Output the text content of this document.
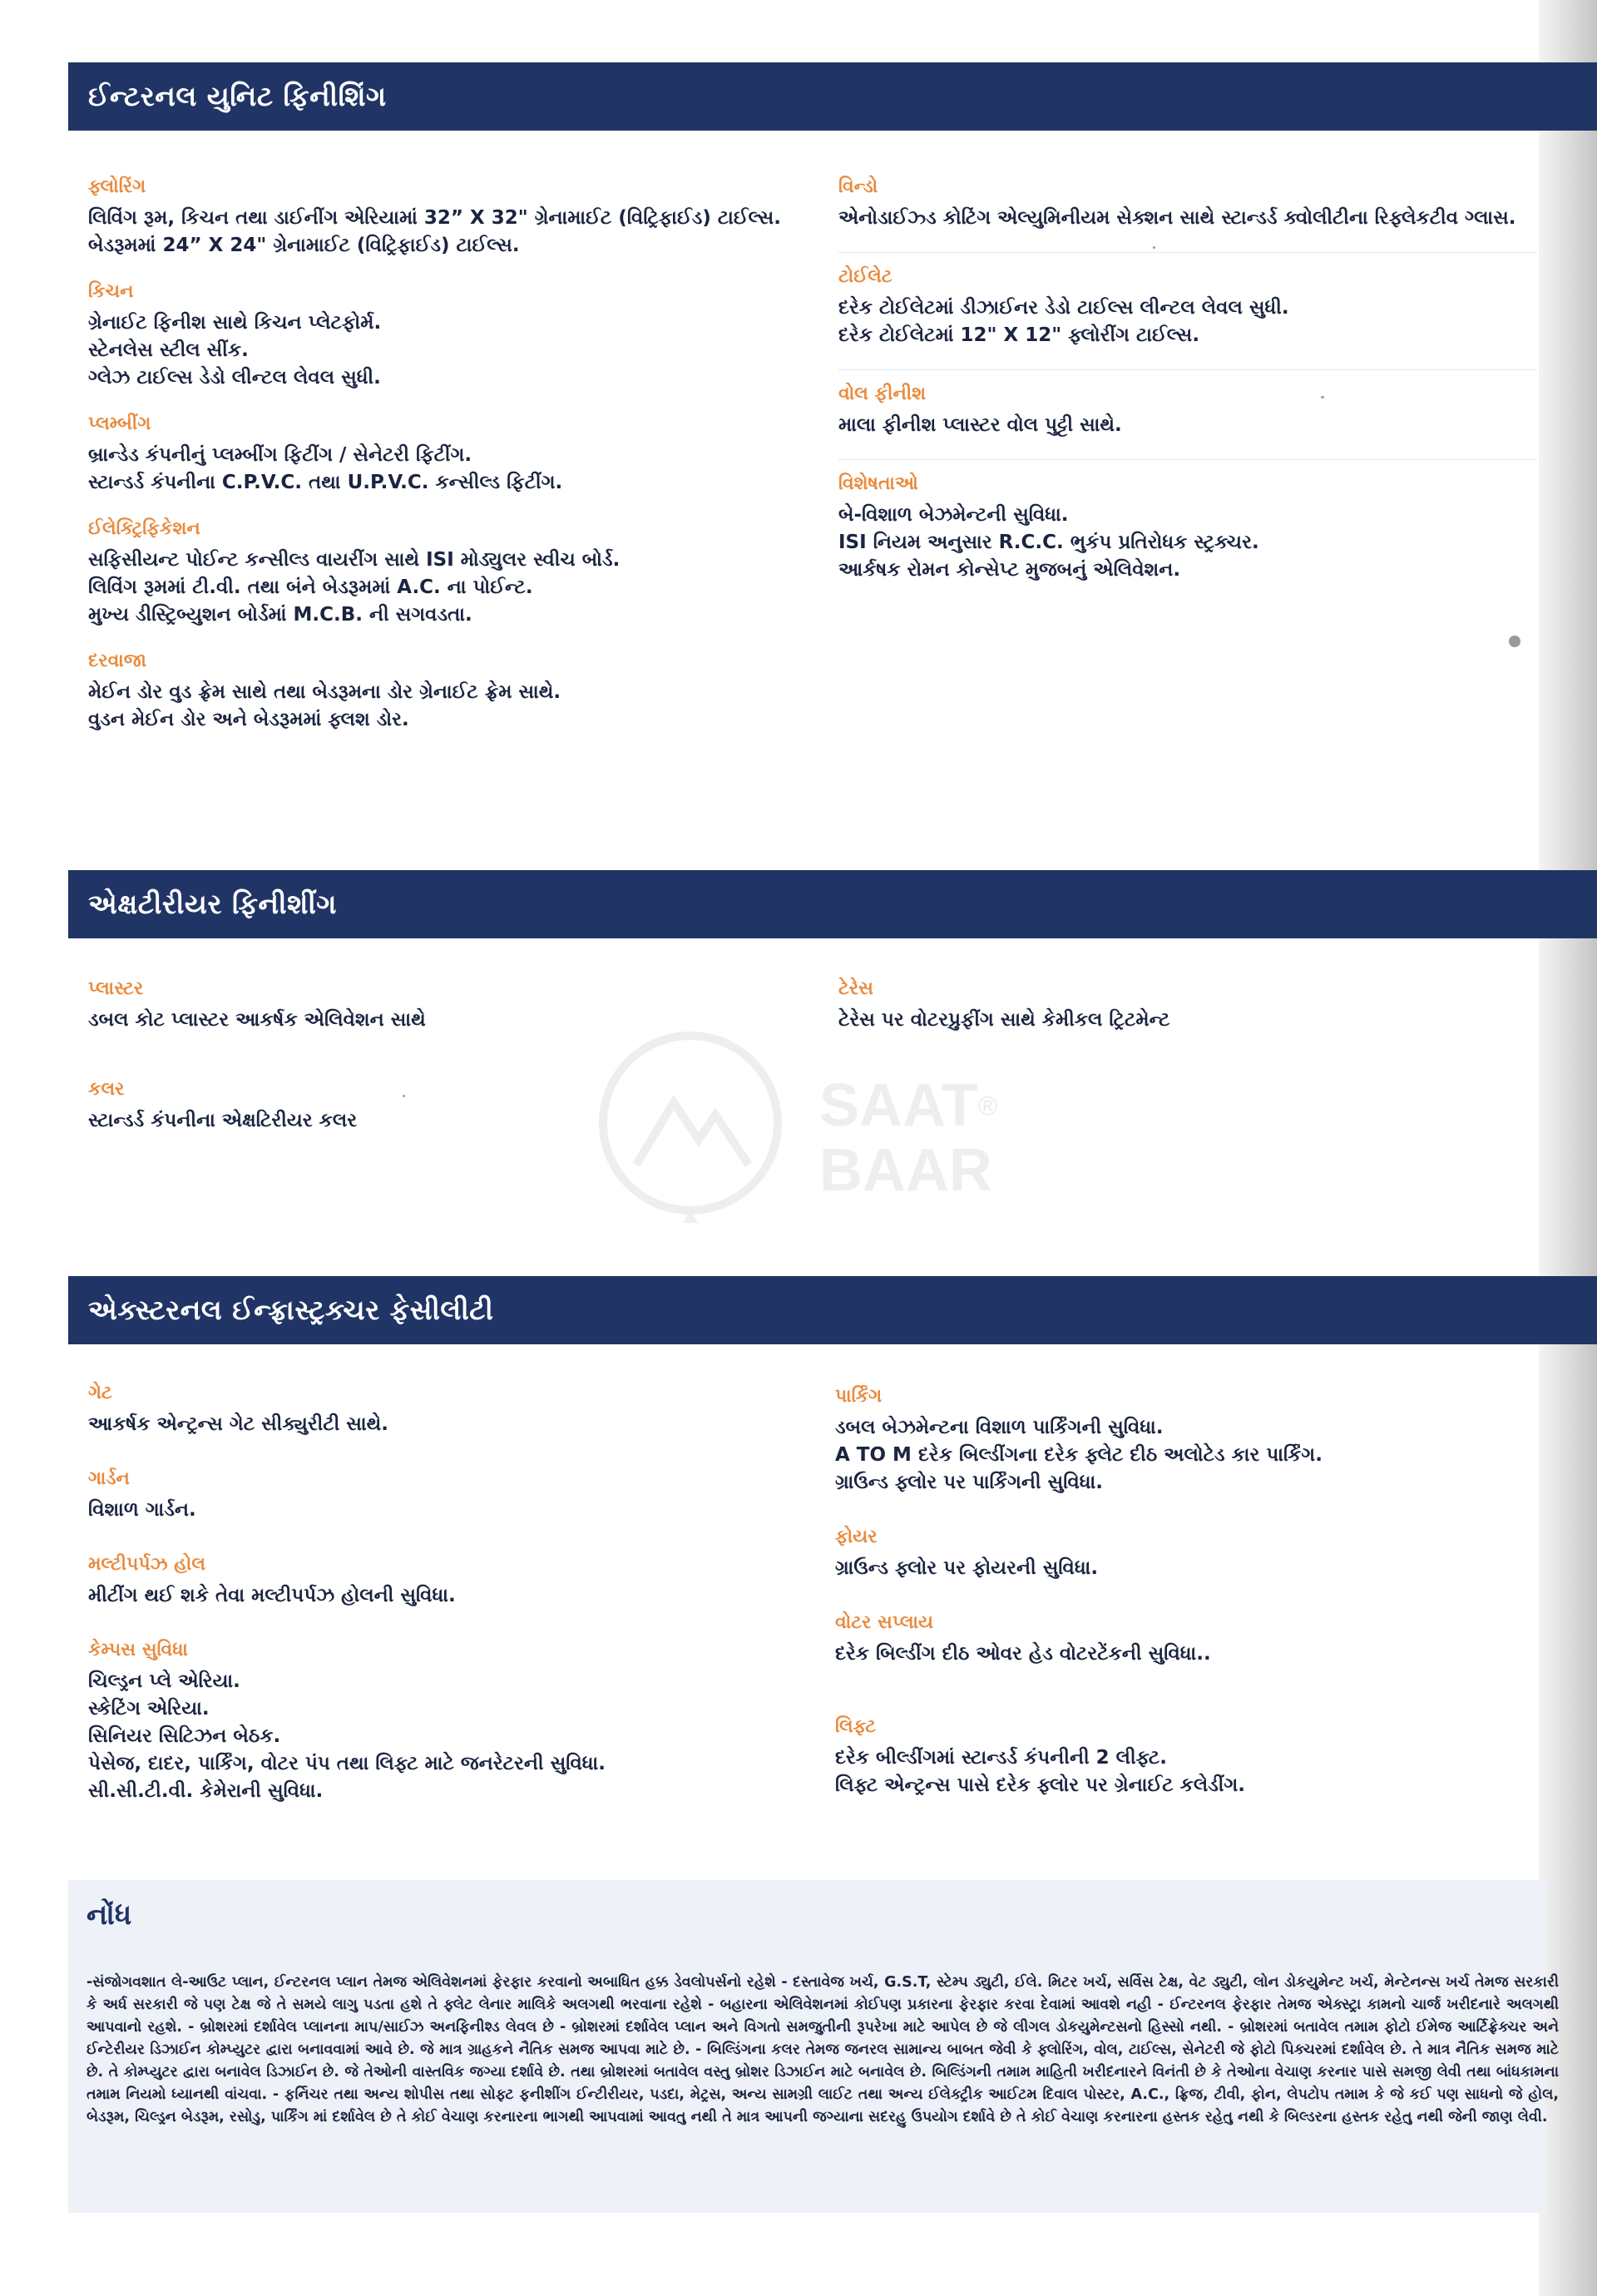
ઈન્ટરનલ યુનિટ ફિનીશિંગ
ફ્લોરિંગ
લિવિંગ રૂમ, કિચન તથા ડાઈનીંગ એરિયામાં 32” X 32" ગ્રેનામાઈટ (વિટ્રિફાઈડ) ટાઈલ્સ.
બેડરૂમમાં 24” X 24" ગ્રેનામાઈટ (વિટ્રિફાઈડ) ટાઈલ્સ.
કિચન
ગ્રેનાઈટ ફિનીશ સાથે કિચન પ્લેટફોર્મ.
સ્ટેનલેસ સ્ટીલ સીંક.
ગ્લેઝ ટાઈલ્સ ડેડો લીન્ટલ લેવલ સુધી.
પ્લમ્બીંગ
બ્રાન્ડેડ કંપનીનું પ્લમ્બીંગ ફિટીંગ / સેનેટરી ફિટીંગ.
સ્ટાન્ડર્ડ કંપનીના C.P.V.C. તથા U.P.V.C. કન્સીલ્ડ ફિટીંગ.
ઈલેક્ટ્રિફિકેશન
સફિસીયન્ટ પોઈન્ટ કન્સીલ્ડ વાયરીંગ સાથે ISI મોડ્યુલર સ્વીચ બોર્ડ.
લિવિંગ રૂમમાં ટી.વી. તથા બંને બેડરૂમમાં A.C. ના પોઈન્ટ.
મુખ્ય ડીસ્ટ્રિબ્યુશન બોર્ડમાં M.C.B. ની સગવડતા.
દરવાજા
મેઈન ડોર વુડ ફ્રેમ સાથે તથા બેડરૂમના ડોર ગ્રેનાઈટ ફ્રેમ સાથે.
વુડન મેઈન ડોર અને બેડરૂમમાં ફ્લશ ડોર.
વિન્ડો
એનોડાઈઝ્ડ કોટિંગ એલ્યુમિનીયમ સેક્શન સાથે સ્ટાન્ડર્ડ ક્વોલીટીના રિફ્લેકટીવ ગ્લાસ.
ટોઈલેટ
દરેક ટોઈલેટમાં ડીઝાઈનર ડેડો ટાઈલ્સ લીન્ટલ લેવલ સુધી.
દરેક ટોઈલેટમાં 12" X 12" ફ્લોરીંગ ટાઈલ્સ.
વોલ ફીનીશ
માલા ફીનીશ પ્લાસ્ટર વોલ પુટ્ટી સાથે.
વિશેષતાઓ
બે-વિશાળ બેઝમેન્ટની સુવિધા.
ISI નિયમ અનુસાર R.C.C. ભુકંપ પ્રતિરોધક સ્ટ્રક્ચર.
આર્કષક રોમન કોન્સેપ્ટ મુજબનું એલિવેશન.
એક્ષટીરીયર ફિનીશીંગ
પ્લાસ્ટર
ડબલ કોટ પ્લાસ્ટર આકર્ષક એલિવેશન સાથે
કલર
સ્ટાન્ડર્ડ કંપનીના એક્ષટિરીયર કલર
ટેરેસ
ટેરેસ પર વોટરપ્રુફીંગ સાથે કેમીકલ ટ્રિટમેન્ટ
SAAT®
BAAR
એક્સ્ટરનલ ઈન્ફ્રાસ્ટ્રક્ચર ફેસીલીટી
ગેટ
આકર્ષક એન્ટ્રન્સ ગેટ સીક્યુરીટી સાથે.
ગાર્ડન
વિશાળ ગાર્ડન.
મલ્ટીપર્પઝ હોલ
મીટીંગ થઈ શકે તેવા મલ્ટીપર્પઝ હોલની સુવિધા.
કેમ્પસ સુવિધા
ચિલ્ડ્રન પ્લે એરિયા.
સ્કેટિંગ એરિયા.
સિનિયર સિટિઝન બેઠક.
પેસેજ, દાદર, પાર્કિંગ, વોટર પંપ તથા લિફ્ટ માટે જનરેટરની સુવિધા.
સી.સી.ટી.વી. કેમેરાની સુવિધા.
પાર્કિંગ
ડબલ બેઝમેન્ટના વિશાળ પાર્કિંગની સુવિધા.
A TO M દરેક બિલ્ડીંગના દરેક ફ્લેટ દીઠ અલોટેડ કાર પાર્કિંગ.
ગ્રાઉન્ડ ફ્લોર પર પાર્કિંગની સુવિધા.
ફોયર
ગ્રાઉન્ડ ફ્લોર પર ફોયરની સુવિધા.
વોટર સપ્લાય
દરેક બિલ્ડીંગ દીઠ ઓવર હેડ વોટરટેંકની સુવિધા..
લિફ્ટ
દરેક બીલ્ડીંગમાં સ્ટાન્ડર્ડ કંપનીની 2 લીફ્ટ.
લિફ્ટ એન્ટ્રન્સ પાસે દરેક ફ્લોર પર ગ્રેનાઈટ કલેડીંગ.
નોંધ
-સંજોગવશાત લે-આઉટ પ્લાન, ઈન્ટરનલ પ્લાન તેમજ એલિવેશનમાં ફેરફાર કરવાનો અબાધિત હક્ક ડેવલોપર્સનો રહેશે - દસ્તાવેજ ખર્ચ, G.S.T, સ્ટેમ્પ ડ્યુટી, ઈલે. મિટર ખર્ચ, સર્વિસ ટેક્ષ, વેટ ડ્યુટી, લોન ડોકયુમેન્ટ ખર્ચ, મેન્ટેનન્સ ખર્ચ તેમજ સરકારી કે અર્ધ સરકારી જે પણ ટેક્ષ જે તે સમયે લાગુ પડતા હશે તે ફ્લેટ લેનાર માલિકે અલગથી ભરવાના રહેશે - બહારના એલિવેશનમાં કોઈપણ પ્રકારના ફેરફાર કરવા દેવામાં આવશે નહી - ઈન્ટરનલ ફેરફાર તેમજ એક્સ્ટ્રા કામનો ચાર્જ ખરીદનારે અલગથી આપવાનો રહશે. - બ્રોશરમાં દર્શાવેલ પ્લાનના માપ/સાઈઝ અનફિનીશ્ડ લેવલ છે - બ્રોશરમાં દર્શાવેલ પ્લાન અને વિગતો સમજુતીની રૂપરેખા માટે આપેલ છે જે લીગલ ડોકયુમેન્ટસનો હિસ્સો નથી. - બ્રોશરમાં બતાવેલ તમામ ફોટો ઈમેજ આર્ટિફ્રેક્ચર અને ઈન્ટેરીયર ડિઝાઈન કોમ્પ્યુટર દ્વારા બનાવવામાં આવે છે. જે માત્ર ગ્રાહકને નૈતિક સમજ આપવા માટે છે. - બિલ્ડિંગના કલર તેમજ જનરલ સામાન્ય બાબત જેવી કે ફ્લોરિંગ, વોલ, ટાઈલ્સ, સેનેટરી જે ફોટો પિક્ચરમાં દર્શાવેલ છે. તે માત્ર નૈતિક સમજ માટે છે. તે કોમ્પ્યુટર દ્વારા બનાવેલ ડિઝાઈન છે. જે તેઓની વાસ્તવિક જગ્યા દર્શાવે છે. તથા બ્રોશરમાં બતાવેલ વસ્તુ બ્રોશર ડિઝાઈન માટે બનાવેલ છે. બિલ્ડિંગની તમામ માહિતી ખરીદનારને વિનંતી છે કે તેઓના વેચાણ કરનાર પાસે સમજી લેવી તથા બાંધકામના તમામ નિયમો ધ્યાનથી વાંચવા. - ફર્નિચર તથા અન્ય શોપીસ તથા સોફ્ટ ફનીશીંગ ઈન્ટીરીયર, પડદા, મેટ્રસ, અન્ય સામગ્રી લાઈટ તથા અન્ય ઈલેક્ટ્રીક આઈટમ દિવાલ પોસ્ટર, A.C., ફ્રિજ, ટીવી, ફોન, લેપટોપ તમામ કે જે કઈ પણ સાધનો જે હોલ, બેડરૂમ, ચિલ્ડ્રન બેડરૂમ, રસોડુ, પાર્કિંગ માં દર્શાવેલ છે તે કોઈ વેચાણ કરનારના ભાગથી આપવામાં આવતુ નથી તે માત્ર આપની જગ્યાના સદરહુ ઉપયોગ દર્શાવે છે તે કોઈ વેચાણ કરનારના હસ્તક રહેતુ નથી કે બિલ્ડરના હસ્તક રહેતુ નથી જેની જાણ લેવી.
